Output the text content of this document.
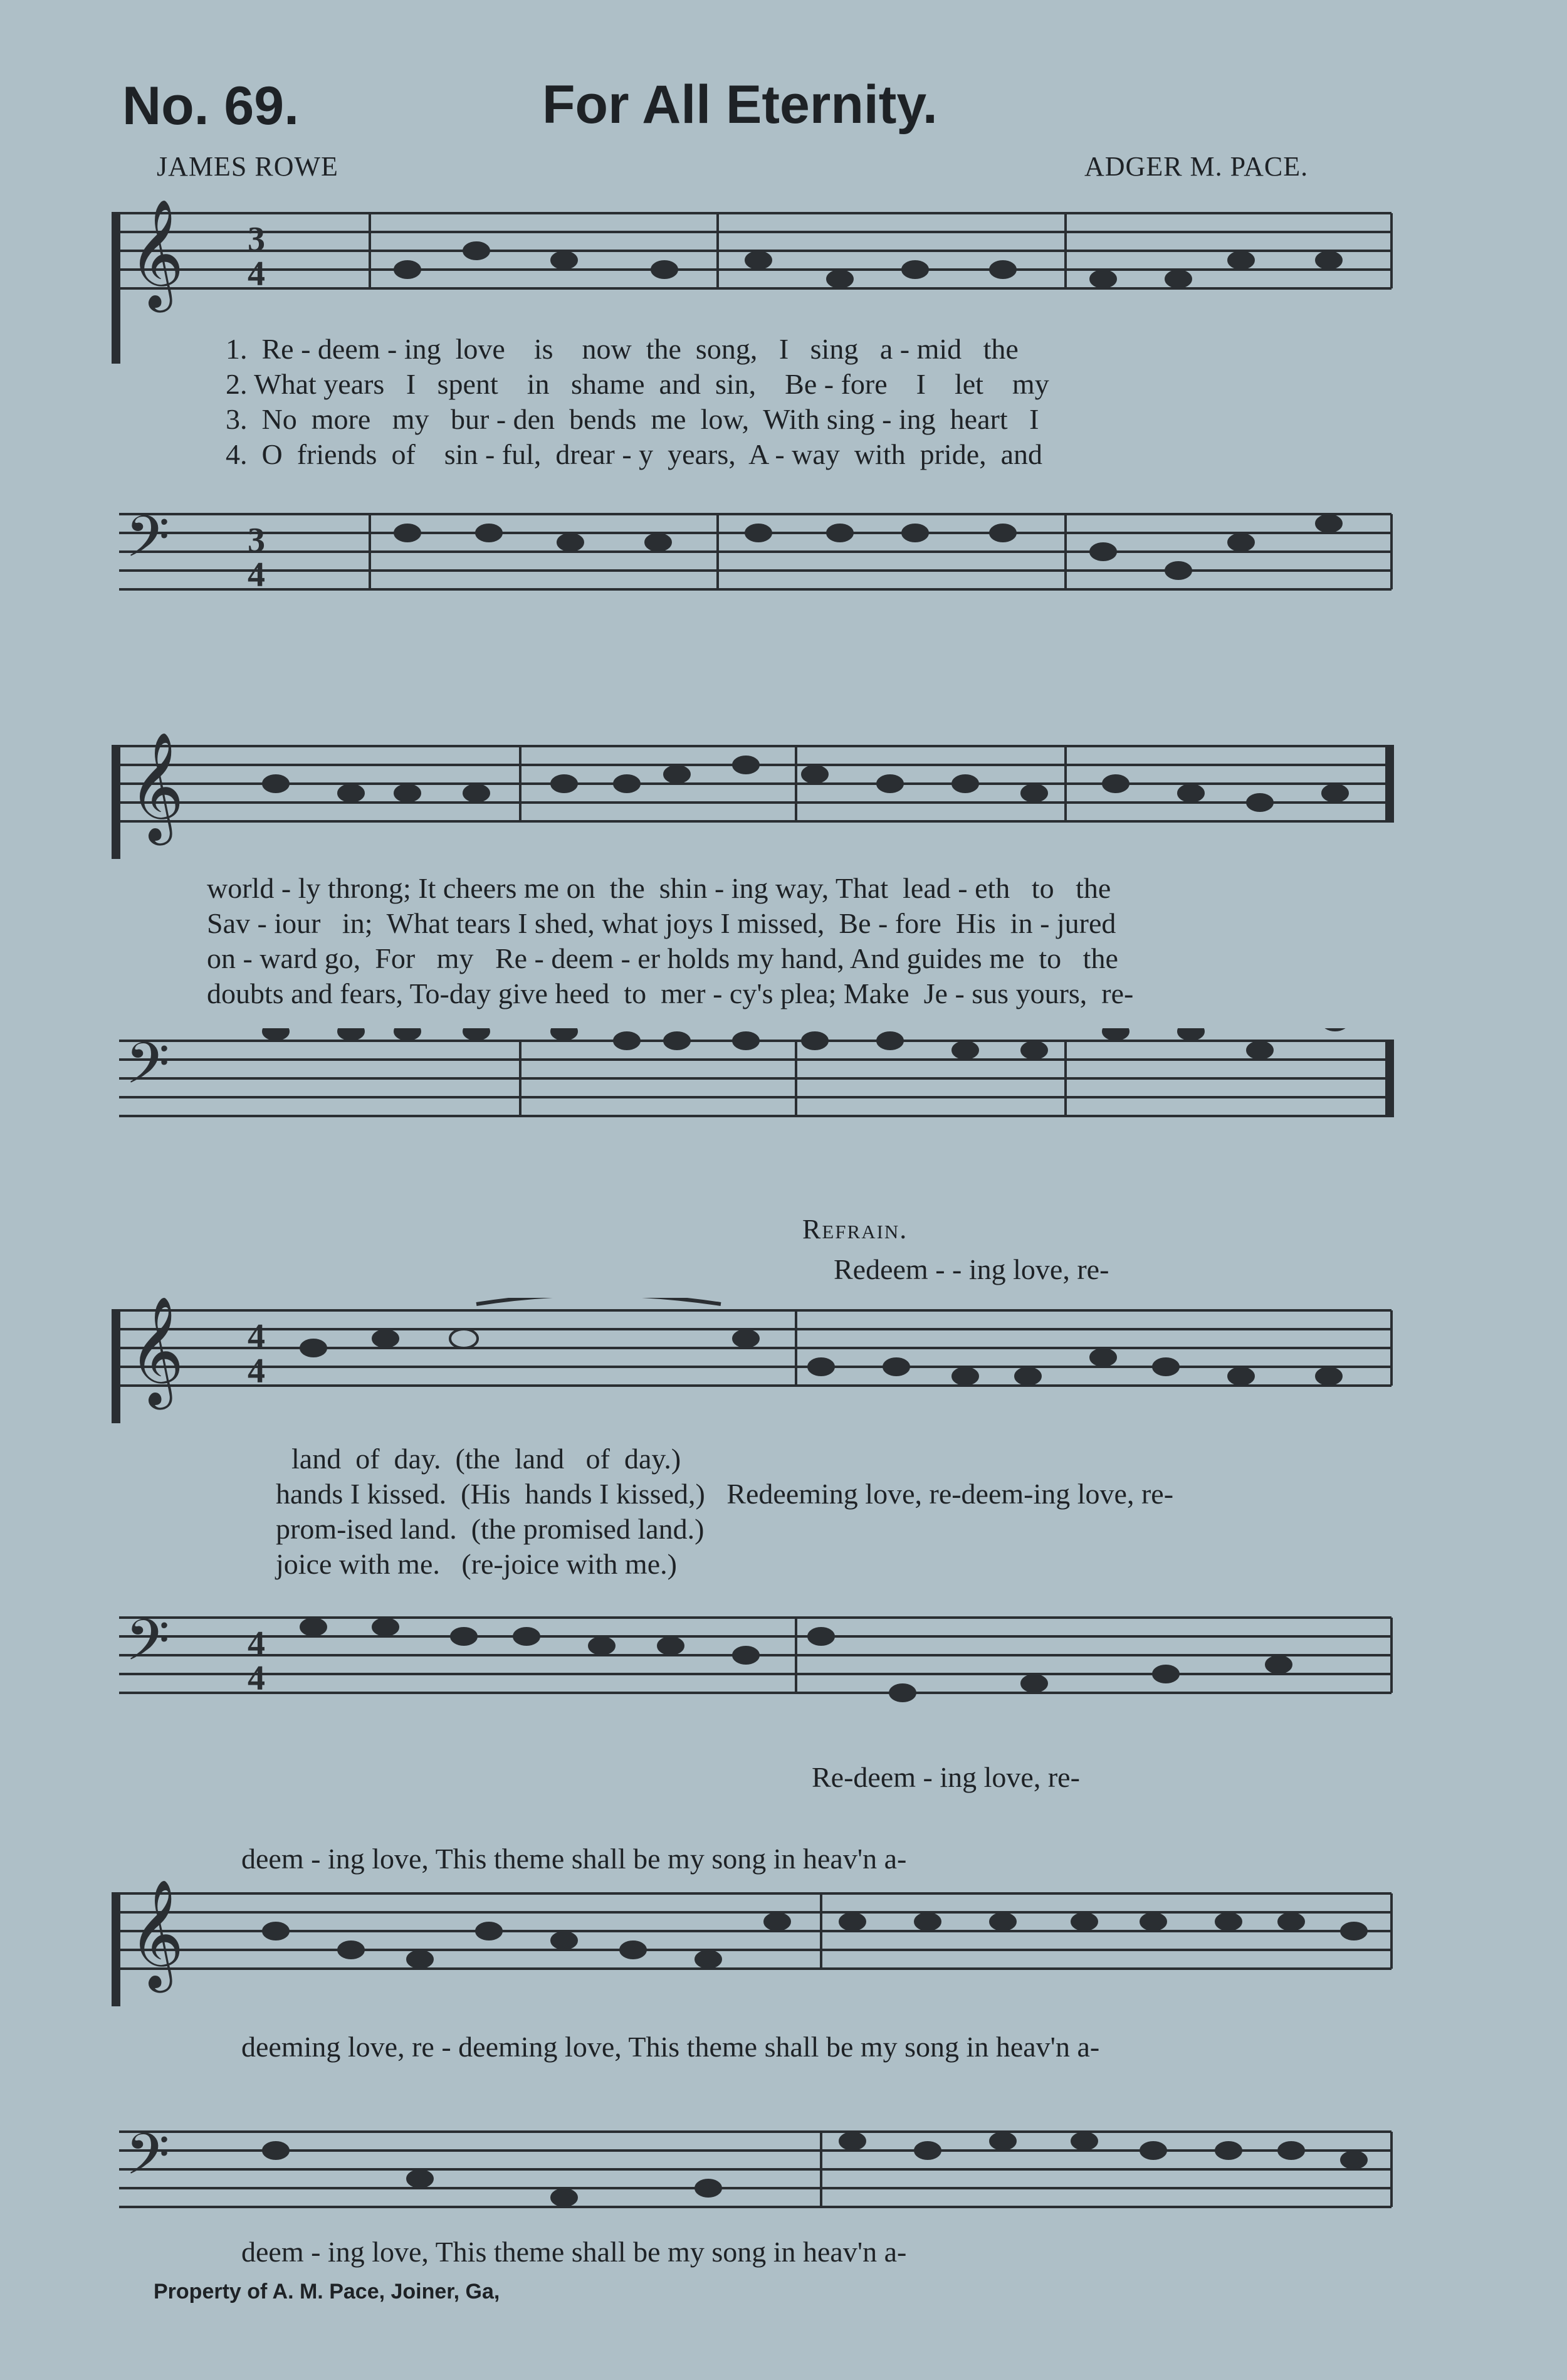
No. 69.	For All Eternity.
JAMES ROWE	ADGER M. PACE.
𝄞 3
4
1.  Re - deem - ing  love    is    now  the  song,   I   sing   a - mid   the
2. What years   I   spent    in   shame  and  sin,    Be - fore    I    let    my
3.  No  more   my   bur - den  bends  me  low,  With sing - ing  heart   I
4.  O  friends  of    sin - ful,  drear - y  years,  A - way  with  pride,  and
𝄢 3
4
𝄞
world - ly throng; It cheers me on  the  shin - ing way, That  lead - eth   to   the
Sav - iour   in;  What tears I shed, what joys I missed,  Be - fore  His  in - jured
on - ward go,  For   my   Re - deem - er holds my hand, And guides me  to   the
doubts and fears, To-day give heed  to  mer - cy's plea; Make  Je - sus yours,  re-
𝄢
Refrain.
Redeem - - ing love, re-
𝄞 4
4
land  of  day.  (the  land   of  day.)
hands I kissed.  (His  hands I kissed,)   Redeeming love, re-deem-ing love, re-
prom-ised land.  (the promised land.)
joice with me.   (re-joice with me.)
𝄢 4
4
Re-deem - ing love, re-
deem - ing love, This theme shall be my song in heav'n a-
𝄞
deeming love, re - deeming love, This theme shall be my song in heav'n a-
𝄢
deem - ing love, This theme shall be my song in heav'n a-
Property of A. M. Pace, Joiner, Ga,
